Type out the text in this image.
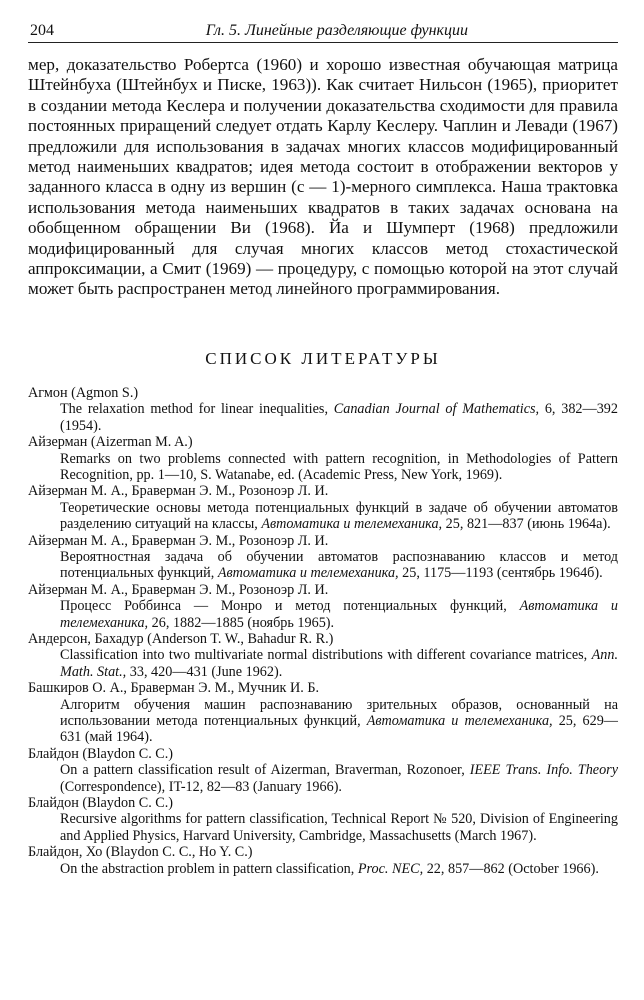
204	Гл. 5. Линейные разделяющие функции

мер, доказательство Робертса (1960) и хорошо известная обучающая матрица Штейнбуха (Штейнбух и Писке, 1963)). Как считает Нильсон (1965), приоритет в создании метода Кеслера и получении доказательства сходимости для правила постоянных приращений следует отдать Карлу Кеслеру. Чаплин и Левади (1967) предложили для использования в задачах многих классов модифицированный метод наименьших квадратов; идея метода состоит в отображении векторов y заданного класса в одну из вершин (c — 1)-мерного симплекса. Наша трактовка использования метода наименьших квадратов в таких задачах основана на обобщенном обращении Ви (1968). Йа и Шумперт (1968) предложили модифицированный для случая многих классов метод стохастической аппроксимации, а Смит (1969) — процедуру, с помощью которой на этот случай может быть распространен метод линейного программирования.

СПИСОК ЛИТЕРАТУРЫ

Агмон (Agmon S.)

The relaxation method for linear inequalities, Canadian Journal of Mathematics, 6, 382—392 (1954).

Айзерман (Aizerman M. A.)

Remarks on two problems connected with pattern recognition, in Methodologies of Pattern Recognition, pp. 1—10, S. Watanabe, ed. (Academic Press, New York, 1969).

Айзерман М. А., Браверман Э. М., Розоноэр Л. И.

Теоретические основы метода потенциальных функций в задаче об обучении автоматов разделению ситуаций на классы, Автоматика и телемеханика, 25, 821—837 (июнь 1964а).

Айзерман М. А., Браверман Э. М., Розоноэр Л. И.

Вероятностная задача об обучении автоматов распознаванию классов и метод потенциальных функций, Автоматика и телемеханика, 25, 1175—1193 (сентябрь 1964б).

Айзерман М. А., Браверман Э. М., Розоноэр Л. И.

Процесс Роббинса — Монро и метод потенциальных функций, Автоматика и телемеханика, 26, 1882—1885 (ноябрь 1965).

Андерсон, Бахадур (Anderson T. W., Bahadur R. R.)

Classification into two multivariate normal distributions with different covariance matrices, Ann. Math. Stat., 33, 420—431 (June 1962).

Башкиров О. А., Браверман Э. М., Мучник И. Б.

Алгоритм обучения машин распознаванию зрительных образов, основанный на использовании метода потенциальных функций, Автоматика и телемеханика, 25, 629—631 (май 1964).

Блайдон (Blaydon C. C.)

On a pattern classification result of Aizerman, Braverman, Rozonoer, IEEE Trans. Info. Theory (Correspondence), IT-12, 82—83 (January 1966).

Блайдон (Blaydon C. C.)

Recursive algorithms for pattern classification, Technical Report № 520, Division of Engineering and Applied Physics, Harvard University, Cambridge, Massachusetts (March 1967).

Блайдон, Хо (Blaydon C. C., Ho Y. C.)

On the abstraction problem in pattern classification, Proc. NEC, 22, 857—862 (October 1966).
